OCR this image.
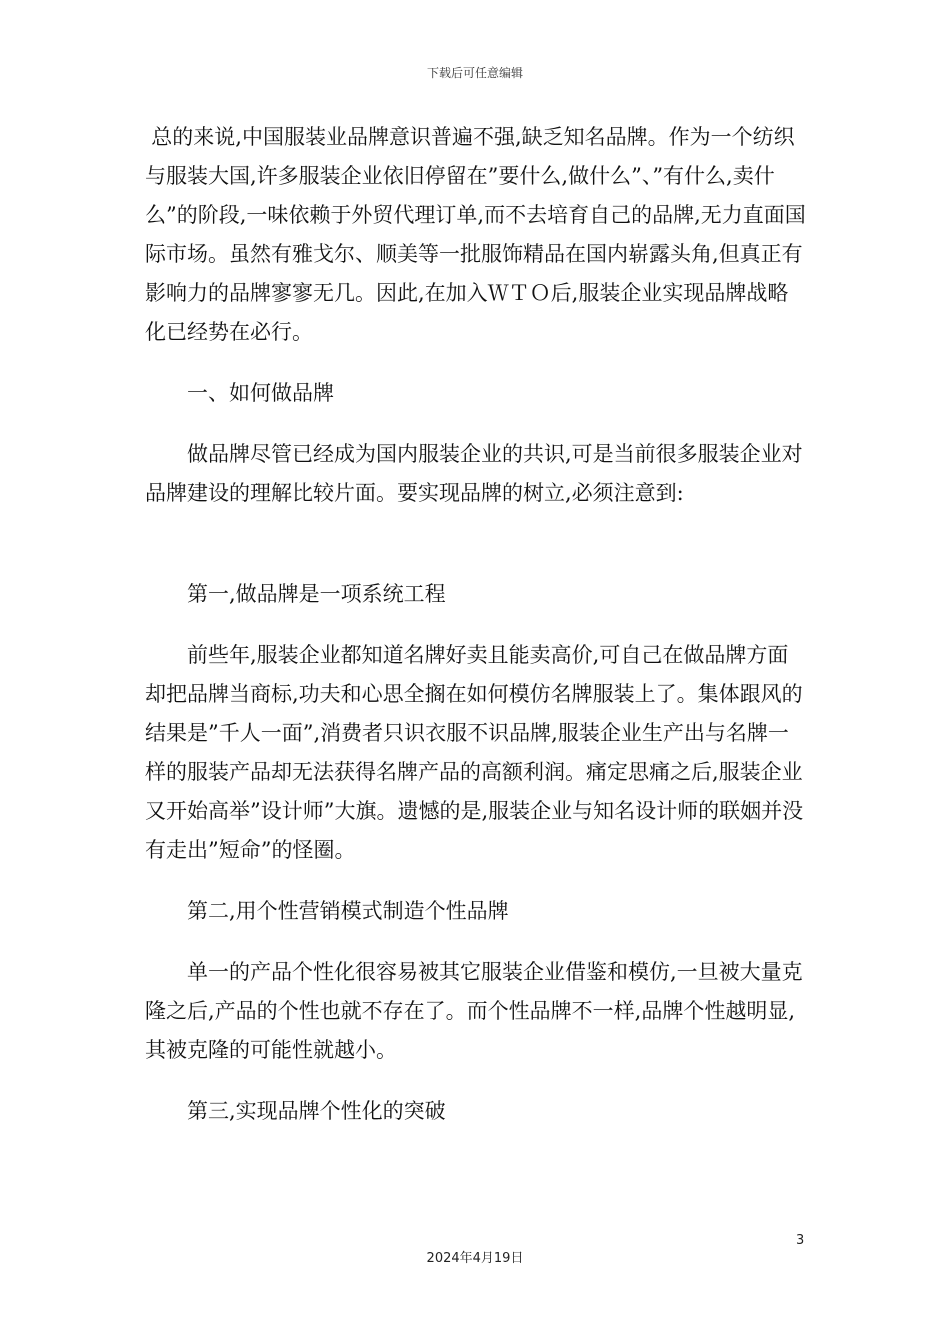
下载后可任意编辑

总的来说,中国服装业品牌意识普遍不强,缺乏知名品牌。作为一个纺织与服装大国,许多服装企业依旧停留在”要什么,做什么”、”有什么,卖什么”的阶段,一味依赖于外贸代理订单,而不去培育自己的品牌,无力直面国际市场。虽然有雅戈尔、顺美等一批服饰精品在国内崭露头角,但真正有影响力的品牌寥寥无几。因此,在加入ＷＴＯ后,服装企业实现品牌战略化已经势在必行。

一、如何做品牌

做品牌尽管已经成为国内服装企业的共识,可是当前很多服装企业对品牌建设的理解比较片面。要实现品牌的树立,必须注意到:

第一,做品牌是一项系统工程

前些年,服装企业都知道名牌好卖且能卖高价,可自己在做品牌方面却把品牌当商标,功夫和心思全搁在如何模仿名牌服装上了。集体跟风的结果是”千人一面”,消费者只识衣服不识品牌,服装企业生产出与名牌一样的服装产品却无法获得名牌产品的高额利润。痛定思痛之后,服装企业又开始高举”设计师”大旗。遗憾的是,服装企业与知名设计师的联姻并没有走出”短命”的怪圈。

第二,用个性营销模式制造个性品牌

单一的产品个性化很容易被其它服装企业借鉴和模仿,一旦被大量克隆之后,产品的个性也就不存在了。而个性品牌不一样,品牌个性越明显,其被克隆的可能性就越小。

第三,实现品牌个性化的突破

3
2024年4月19日
